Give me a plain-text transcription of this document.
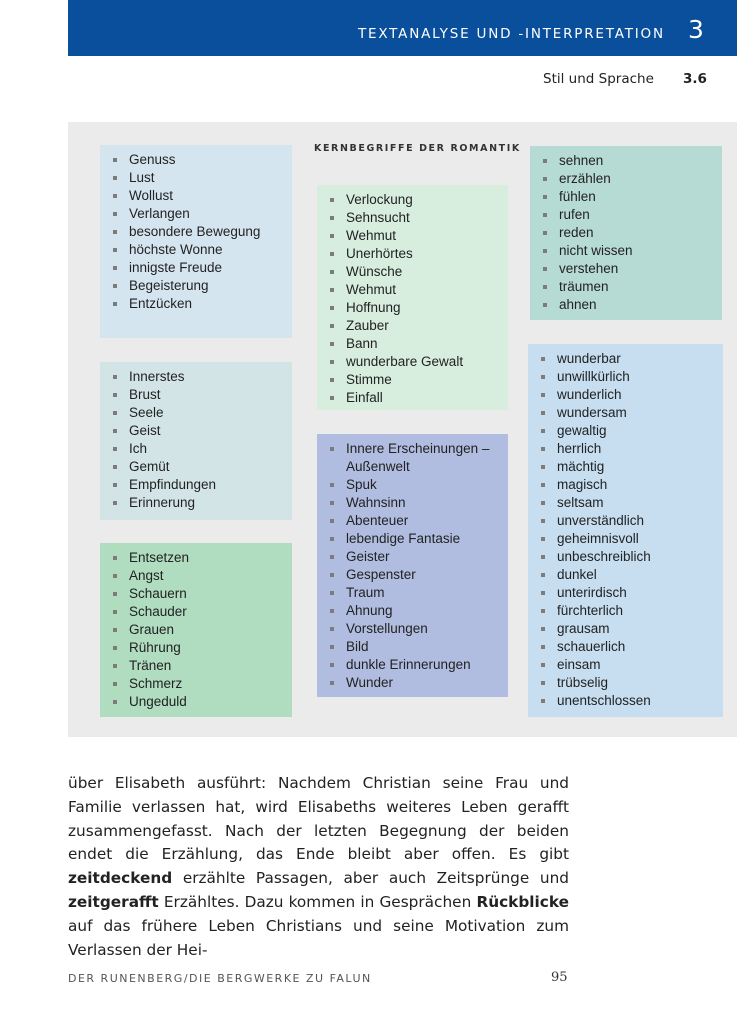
TEXTANALYSE UND -INTERPRETATION 3
Stil und Sprache 3.6
KERNBEGRIFFE DER ROMANTIK
Genuss
Lust
Wollust
Verlangen
besondere Bewegung
höchste Wonne
innigste Freude
Begeisterung
Entzücken
Innerstes
Brust
Seele
Geist
Ich
Gemüt
Empfindungen
Erinnerung
Entsetzen
Angst
Schauern
Schauder
Grauen
Rührung
Tränen
Schmerz
Ungeduld
Verlockung
Sehnsucht
Wehmut
Unerhörtes
Wünsche
Wehmut
Hoffnung
Zauber
Bann
wunderbare Gewalt
Stimme
Einfall
Innere Erscheinungen –
Außenwelt
Spuk
Wahnsinn
Abenteuer
lebendige Fantasie
Geister
Gespenster
Traum
Ahnung
Vorstellungen
Bild
dunkle Erinnerungen
Wunder
sehnen
erzählen
fühlen
rufen
reden
nicht wissen
verstehen
träumen
ahnen
wunderbar
unwillkürlich
wunderlich
wundersam
gewaltig
herrlich
mächtig
magisch
seltsam
unverständlich
geheimnisvoll
unbeschreiblich
dunkel
unterirdisch
fürchterlich
grausam
schauerlich
einsam
trübselig
unentschlossen

über Elisabeth ausführt: Nachdem Christian seine Frau und Familie verlassen hat, wird Elisabeths weiteres Leben gerafft zusammengefasst. Nach der letzten Begegnung der beiden endet die Erzählung, das Ende bleibt aber offen. Es gibt zeitdeckend erzählte Passagen, aber auch Zeitsprünge und zeitgerafft Erzähltes. Dazu kommen in Gesprächen Rückblicke auf das frühere Leben Christians und seine Motivation zum Verlassen der Hei-

DER RUNENBERG/DIE BERGWERKE ZU FALUN	95
